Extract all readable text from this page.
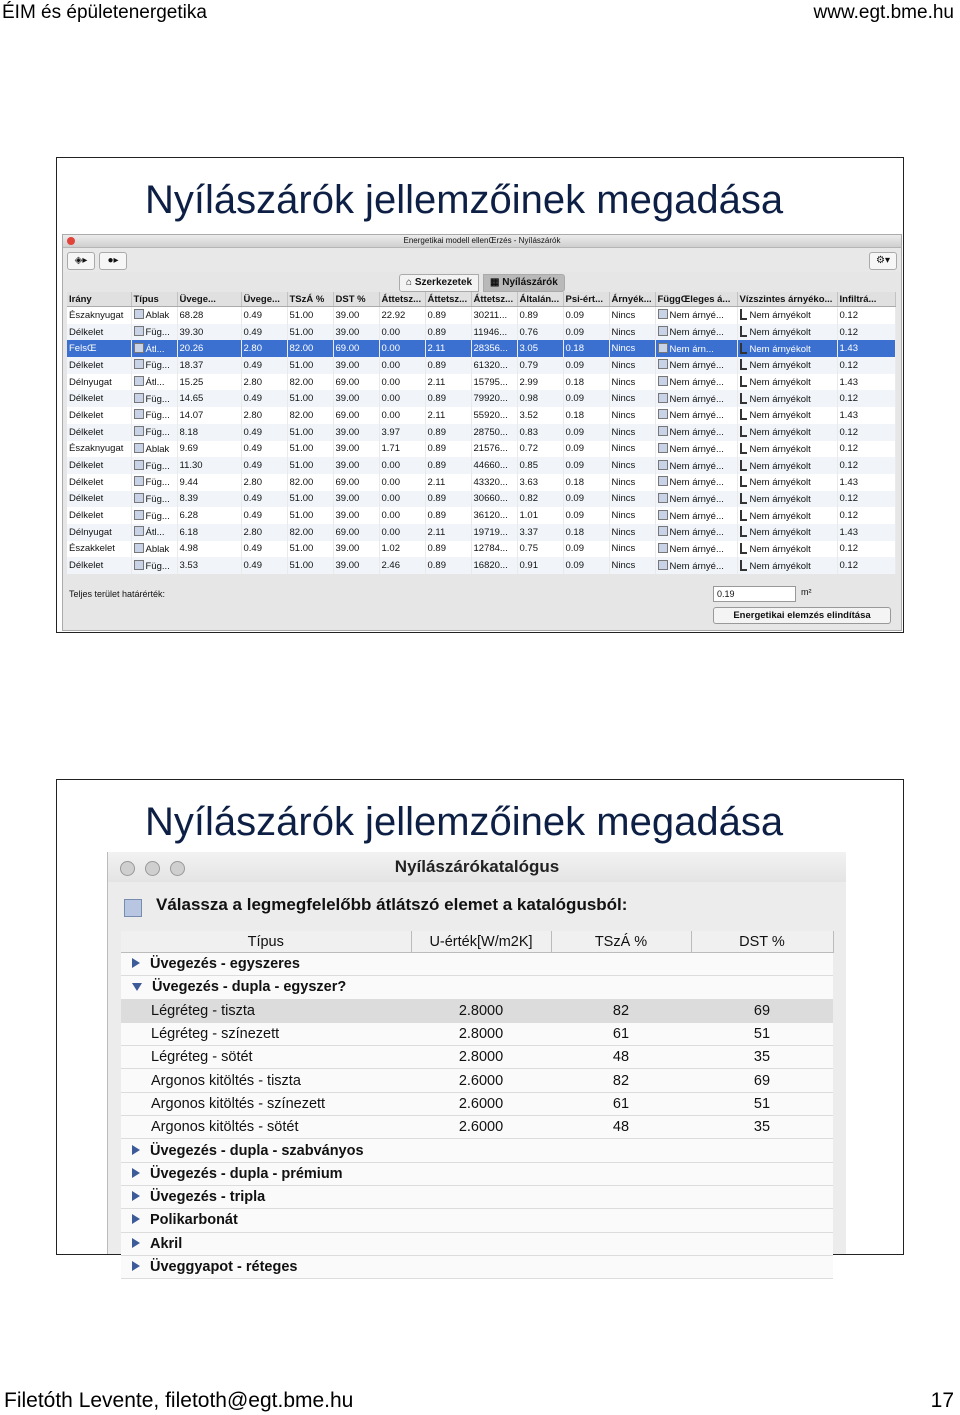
ÉIM és épületenergetika	www.egt.bme.hu
Nyílászárók jellemzőinek megadása
Energetikai modell ellenŒrzés - Nyílászárók
◈▸	●▸	⚙▾
⌂ Szerkezetek	▦ Nyílászárók
Irány	Típus	Üvege...	Üvege...	TSzÁ %	DST %	Áttetsz...	Áttetsz...	Áttetsz...	Általán...	Psi-ért...	Árnyék...	FüggŒleges á...	Vízszintes árnyéko...	Infiltrá...
Északnyugat	Ablak	68.28	0.49	51.00	39.00	22.92	0.89	30211...	0.89	0.09	Nincs	Nem árnyé...	Nem árnyékolt	0.12
Délkelet	Füg...	39.30	0.49	51.00	39.00	0.00	0.89	11946...	0.76	0.09	Nincs	Nem árnyé...	Nem árnyékolt	0.12
FelsŒ	Átl...	20.26	2.80	82.00	69.00	0.00	2.11	28356...	3.05	0.18	Nincs	Nem árn...	Nem árnyékolt	1.43
Délkelet	Füg...	18.37	0.49	51.00	39.00	0.00	0.89	61320...	0.79	0.09	Nincs	Nem árnyé...	Nem árnyékolt	0.12
Délnyugat	Átl...	15.25	2.80	82.00	69.00	0.00	2.11	15795...	2.99	0.18	Nincs	Nem árnyé...	Nem árnyékolt	1.43
Délkelet	Füg...	14.65	0.49	51.00	39.00	0.00	0.89	79920...	0.98	0.09	Nincs	Nem árnyé...	Nem árnyékolt	0.12
Délkelet	Füg...	14.07	2.80	82.00	69.00	0.00	2.11	55920...	3.52	0.18	Nincs	Nem árnyé...	Nem árnyékolt	1.43
Délkelet	Füg...	8.18	0.49	51.00	39.00	3.97	0.89	28750...	0.83	0.09	Nincs	Nem árnyé...	Nem árnyékolt	0.12
Északnyugat	Ablak	9.69	0.49	51.00	39.00	1.71	0.89	21576...	0.72	0.09	Nincs	Nem árnyé...	Nem árnyékolt	0.12
Délkelet	Füg...	11.30	0.49	51.00	39.00	0.00	0.89	44660...	0.85	0.09	Nincs	Nem árnyé...	Nem árnyékolt	0.12
Délkelet	Füg...	9.44	2.80	82.00	69.00	0.00	2.11	43320...	3.63	0.18	Nincs	Nem árnyé...	Nem árnyékolt	1.43
Délkelet	Füg...	8.39	0.49	51.00	39.00	0.00	0.89	30660...	0.82	0.09	Nincs	Nem árnyé...	Nem árnyékolt	0.12
Délkelet	Füg...	6.28	0.49	51.00	39.00	0.00	0.89	36120...	1.01	0.09	Nincs	Nem árnyé...	Nem árnyékolt	0.12
Délnyugat	Átl...	6.18	2.80	82.00	69.00	0.00	2.11	19719...	3.37	0.18	Nincs	Nem árnyé...	Nem árnyékolt	1.43
Északkelet	Ablak	4.98	0.49	51.00	39.00	1.02	0.89	12784...	0.75	0.09	Nincs	Nem árnyé...	Nem árnyékolt	0.12
Délkelet	Füg...	3.53	0.49	51.00	39.00	2.46	0.89	16820...	0.91	0.09	Nincs	Nem árnyé...	Nem árnyékolt	0.12
Teljes terület határérték:	0.19	m²
Energetikai elemzés elindítása
Nyílászárók jellemzőinek megadása
Nyílászárókatalógus
Válassza a legmegfelelőbb átlátszó elemet a katalógusból:
Típus	U-érték[W/m2K]	TSzÁ %	DST %
Üvegezés - egyszeres			
Üvegezés - dupla - egyszer?			
Légréteg - tiszta	2.8000	82	69
Légréteg - színezett	2.8000	61	51
Légréteg - sötét	2.8000	48	35
Argonos kitöltés - tiszta	2.6000	82	69
Argonos kitöltés - színezett	2.6000	61	51
Argonos kitöltés - sötét	2.6000	48	35
Üvegezés - dupla - szabványos			
Üvegezés - dupla - prémium			
Üvegezés - tripla			
Polikarbonát			
Akril			
Üveggyapot - réteges			
Filetóth Levente, filetoth@egt.bme.hu	17
